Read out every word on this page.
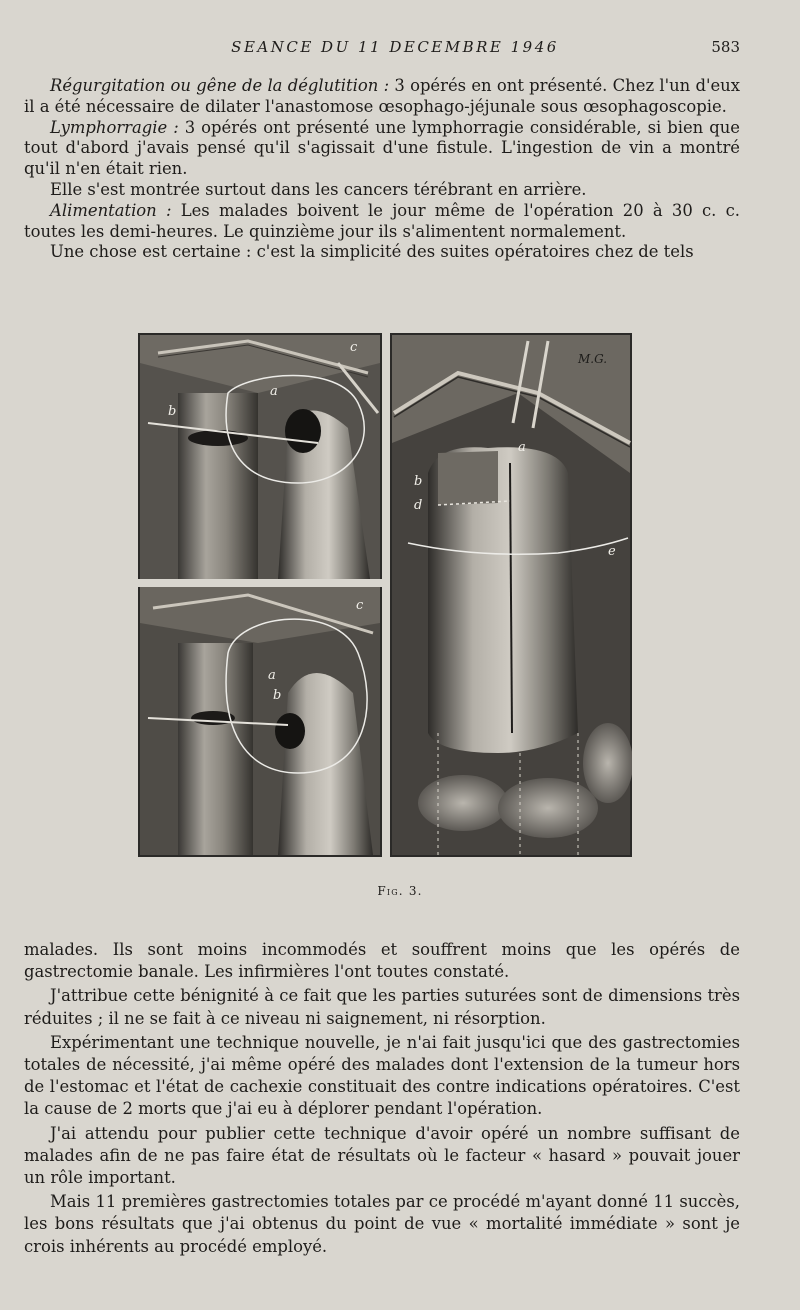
SEANCE DU 11 DECEMBRE 1946	583

Régurgitation ou gêne de la déglutition : 3 opérés en ont présenté. Chez l'un d'eux il a été nécessaire de dilater l'anastomose œsophago-jéjunale sous œsophagoscopie.

Lymphorragie : 3 opérés ont présenté une lymphorragie considérable, si bien que tout d'abord j'avais pensé qu'il s'agissait d'une fistule. L'ingestion de vin a montré qu'il n'en était rien.

Elle s'est montrée surtout dans les cancers térébrant en arrière.

Alimentation : Les malades boivent le jour même de l'opération 20 à 30 c. c. toutes les demi-heures. Le quinzième jour ils s'alimentent normalement.

Une chose est certaine : c'est la simplicité des suites opératoires chez de tels

c
a
b
c
a
b
M.G.
a
b
d
e
Fig. 3.

malades. Ils sont moins incommodés et souffrent moins que les opérés de gastrectomie banale. Les infirmières l'ont toutes constaté.

J'attribue cette bénignité à ce fait que les parties suturées sont de dimensions très réduites ; il ne se fait à ce niveau ni saignement, ni résorption.

Expérimentant une technique nouvelle, je n'ai fait jusqu'ici que des gastrectomies totales de nécessité, j'ai même opéré des malades dont l'extension de la tumeur hors de l'estomac et l'état de cachexie constituait des contre indications opératoires. C'est la cause de 2 morts que j'ai eu à déplorer pendant l'opération.

J'ai attendu pour publier cette technique d'avoir opéré un nombre suffisant de malades afin de ne pas faire état de résultats où le facteur « hasard » pouvait jouer un rôle important.

Mais 11 premières gastrectomies totales par ce procédé m'ayant donné 11 succès, les bons résultats que j'ai obtenus du point de vue « mortalité immédiate » sont je crois inhérents au procédé employé.
